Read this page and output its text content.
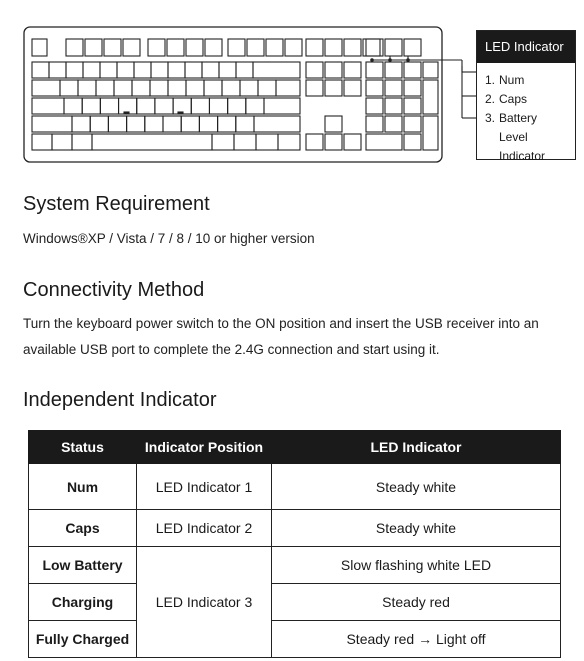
LED Indicator
1. Num
2. Caps
3. Battery Level Indicator
System Requirement

Windows®XP / Vista / 7 / 8 / 10 or higher version

Connectivity Method

Turn the keyboard power switch to the ON position and insert the USB receiver into an available USB port to complete the 2.4G connection and start using it.

Independent Indicator
Status	Indicator Position	LED Indicator
Num	LED Indicator 1	Steady white
Caps	LED Indicator 2	Steady white
Low Battery	LED Indicator 3	Slow flashing white LED
Charging		Steady red
Fully Charged		Steady red → Light off
